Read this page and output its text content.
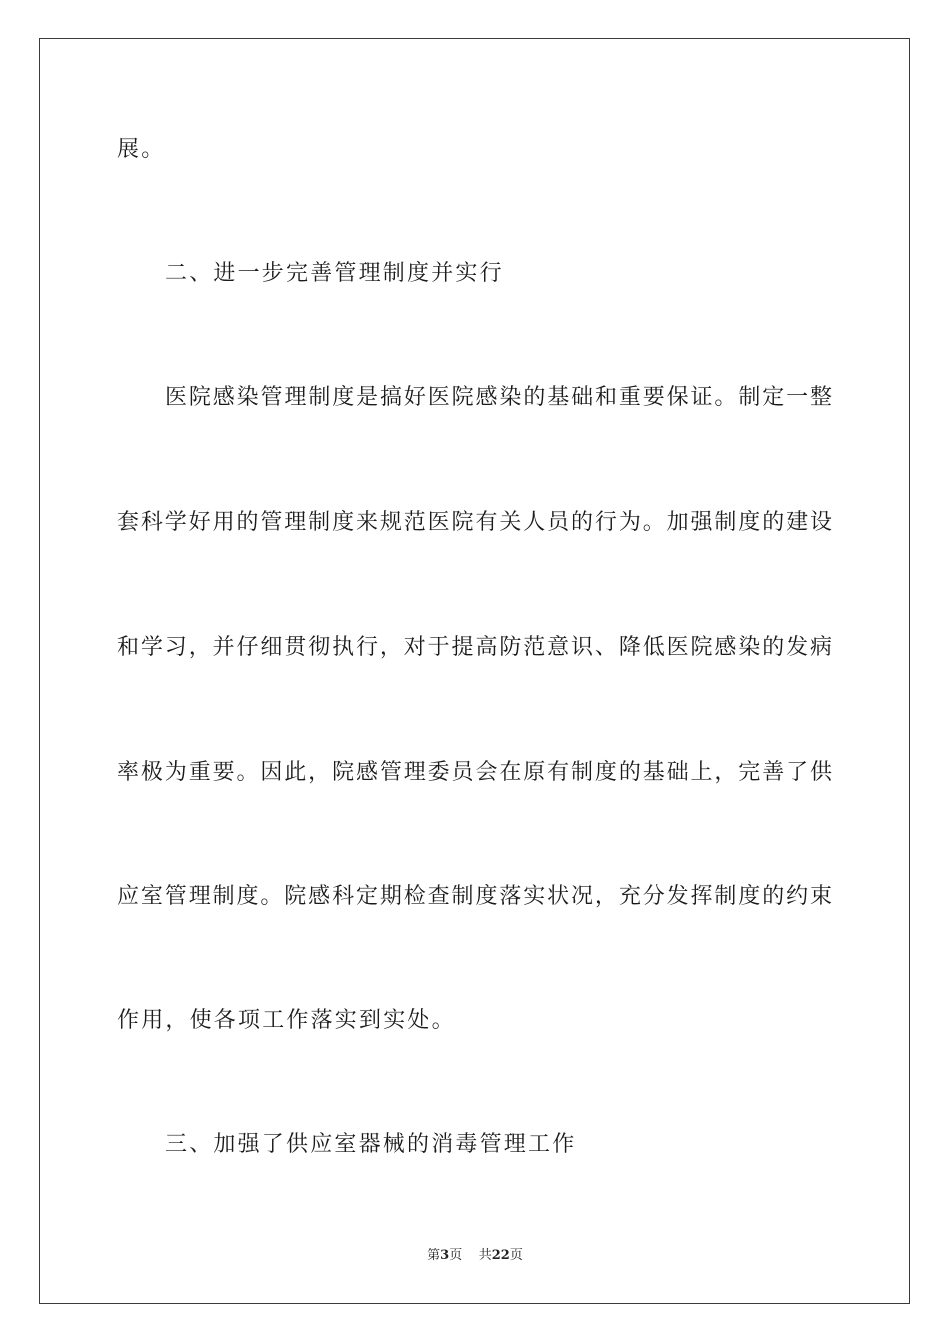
展。
二、进一步完善管理制度并实行
医院感染管理制度是搞好医院感染的基础和重要保证。制定一整
套科学好用的管理制度来规范医院有关人员的行为。加强制度的建设
和学习，并仔细贯彻执行，对于提高防范意识、降低医院感染的发病
率极为重要。因此，院感管理委员会在原有制度的基础上，完善了供
应室管理制度。院感科定期检查制度落实状况，充分发挥制度的约束
作用，使各项工作落实到实处。
三、加强了供应室器械的消毒管理工作
第3页 共22页
